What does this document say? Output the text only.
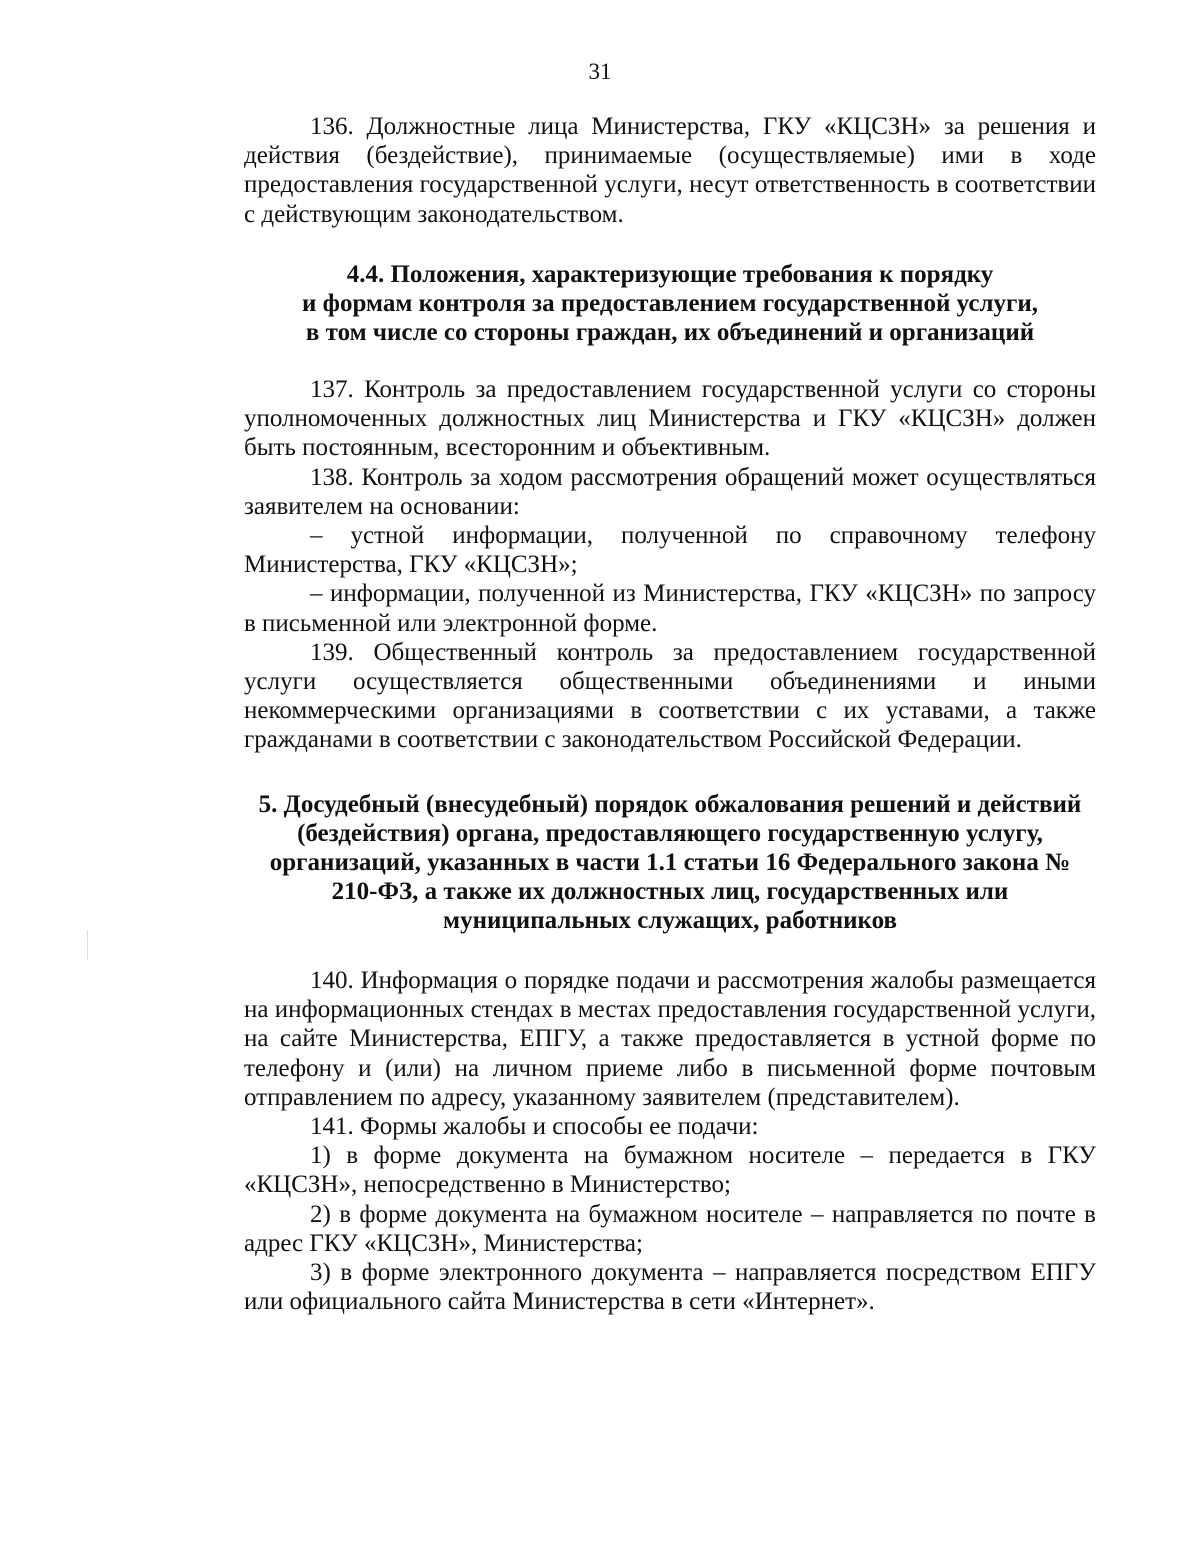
31

136. Должностные лица Министерства, ГКУ «КЦСЗН» за решения и действия (бездействие), принимаемые (осуществляемые) ими в ходе предоставления государственной услуги, несут ответственность в соответствии с действующим законодательством.

4.4. Положения, характеризующие требования к порядку
и формам контроля за предоставлением государственной услуги,
в том числе со стороны граждан, их объединений и организаций

137. Контроль за предоставлением государственной услуги со стороны уполномоченных должностных лиц Министерства и ГКУ «КЦСЗН» должен быть постоянным, всесторонним и объективным.

138. Контроль за ходом рассмотрения обращений может осуществляться заявителем на основании:

– устной информации, полученной по справочному телефону Министерства, ГКУ «КЦСЗН»;

– информации, полученной из Министерства, ГКУ «КЦСЗН» по запросу в письменной или электронной форме.

139. Общественный контроль за предоставлением государственной услуги осуществляется общественными объединениями и иными некоммерческими организациями в соответствии с их уставами, а также гражданами в соответствии с законодательством Российской Федерации.

5. Досудебный (внесудебный) порядок обжалования решений и действий
(бездействия) органа, предоставляющего государственную услугу,
организаций, указанных в части 1.1 статьи 16 Федерального закона №
210-ФЗ, а также их должностных лиц, государственных или
муниципальных служащих, работников

140. Информация о порядке подачи и рассмотрения жалобы размещается на информационных стендах в местах предоставления государственной услуги, на сайте Министерства, ЕПГУ, а также предоставляется в устной форме по телефону и (или) на личном приеме либо в письменной форме почтовым отправлением по адресу, указанному заявителем (представителем).

141. Формы жалобы и способы ее подачи:

1) в форме документа на бумажном носителе – передается в ГКУ «КЦСЗН», непосредственно в Министерство;

2) в форме документа на бумажном носителе – направляется по почте в адрес ГКУ «КЦСЗН», Министерства;

3) в форме электронного документа – направляется посредством ЕПГУ или официального сайта Министерства в сети «Интернет».
